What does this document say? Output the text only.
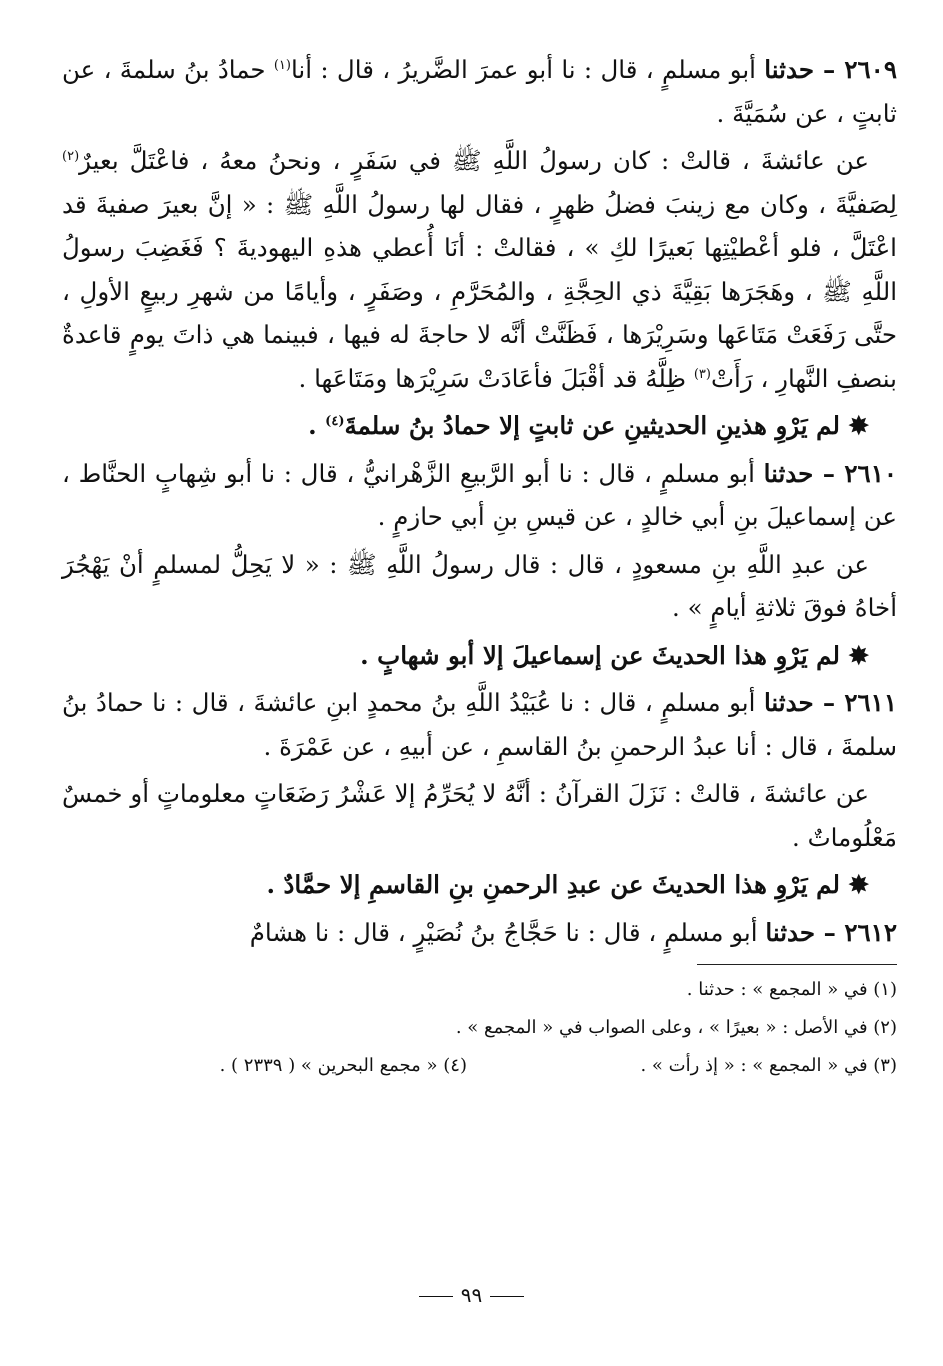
٢٦٠٩ – حدثنا أبو مسلمٍ ، قال : نا أبو عمرَ الضَّريرُ ، قال : أنا$^{(١)}$ حمادُ بنُ سلمةَ ، عن ثابتٍ ، عن سُمَيَّةَ .

عن عائشةَ ، قالتْ : كان رسولُ اللَّهِ ﷺ في سَفَرٍ ، ونحنُ معهُ ، فاعْتَلَّ بعيرٌ$^{(٢)}$ لِصَفيَّةَ ، وكان مع زينبَ فضلُ ظهرٍ ، فقال لها رسولُ اللَّهِ ﷺ : « إنَّ بعيرَ صفيةَ قد اعْتَلَّ ، فلو أعْطيْتِها بَعيرًا لكِ » ، فقالتْ : أنَا أُعطي هذهِ اليهوديةَ ؟ فَغَضِبَ رسولُ اللَّهِ ﷺ ، وهَجَرَها بَقِيَّةَ ذي الحِجَّةِ ، والمُحَرَّمِ ، وصَفَرٍ ، وأيامًا من شهرِ ربيعٍ الأولِ ، حتَّى رَفَعَتْ مَتَاعَها وسَرِيْرَها ، فَظَنَّتْ أنَّه لا حاجةَ له فيها ، فبينما هي ذاتَ يومٍ قاعدةٌ بنصفِ النَّهارِ ، رَأَتْ$^{(٣)}$ ظِلَّهُ قد أقْبَلَ فأعَادَتْ سَرِيْرَها ومَتَاعَها .

✸ لم يَرْوِ هذينِ الحديثينِ عن ثابتٍ إلا حمادُ بنُ سلمةَ$^{(٤)}$ .

٢٦١٠ – حدثنا أبو مسلمٍ ، قال : نا أبو الرَّبيعِ الزَّهْرانيُّ ، قال : نا أبو شِهابٍ الحنَّاط ، عن إسماعيلَ بنِ أبي خالدٍ ، عن قيسِ بنِ أبي حازمٍ .

عن عبدِ اللَّهِ بنِ مسعودٍ ، قال : قال رسولُ اللَّهِ ﷺ : « لا يَحِلُّ لمسلمٍ أنْ يَهْجُرَ أخاهُ فوقَ ثلاثةِ أيامٍ » .

✸ لم يَرْوِ هذا الحديثَ عن إسماعيلَ إلا أبو شهابٍ .

٢٦١١ – حدثنا أبو مسلمٍ ، قال : نا عُبَيْدُ اللَّهِ بنُ محمدٍ ابنِ عائشةَ ، قال : نا حمادُ بنُ سلمةَ ، قال : أنا عبدُ الرحمنِ بنُ القاسمِ ، عن أبيهِ ، عن عَمْرَةَ .

عن عائشةَ ، قالتْ : نَزَلَ القرآنُ : أنَّهُ لا يُحَرِّمُ إلا عَشْرُ رَضَعَاتٍ معلوماتٍ أو خمسٌ مَعْلُوماتٌ .

✸ لم يَرْوِ هذا الحديثَ عن عبدِ الرحمنِ بنِ القاسمِ إلا حمَّادٌ .

٢٦١٢ – حدثنا أبو مسلمٍ ، قال : نا حَجَّاجُ بنُ نُصَيْرٍ ، قال : نا هشامٌ

(١) في « المجمع » : حدثنا .
(٢) في الأصل : « بعيرًا » ، وعلى الصواب في « المجمع » .
(٣) في « المجمع » : « إذ رأت » .
(٤) « مجمع البحرين » ( ٢٣٣٩ ) .
٩٩
